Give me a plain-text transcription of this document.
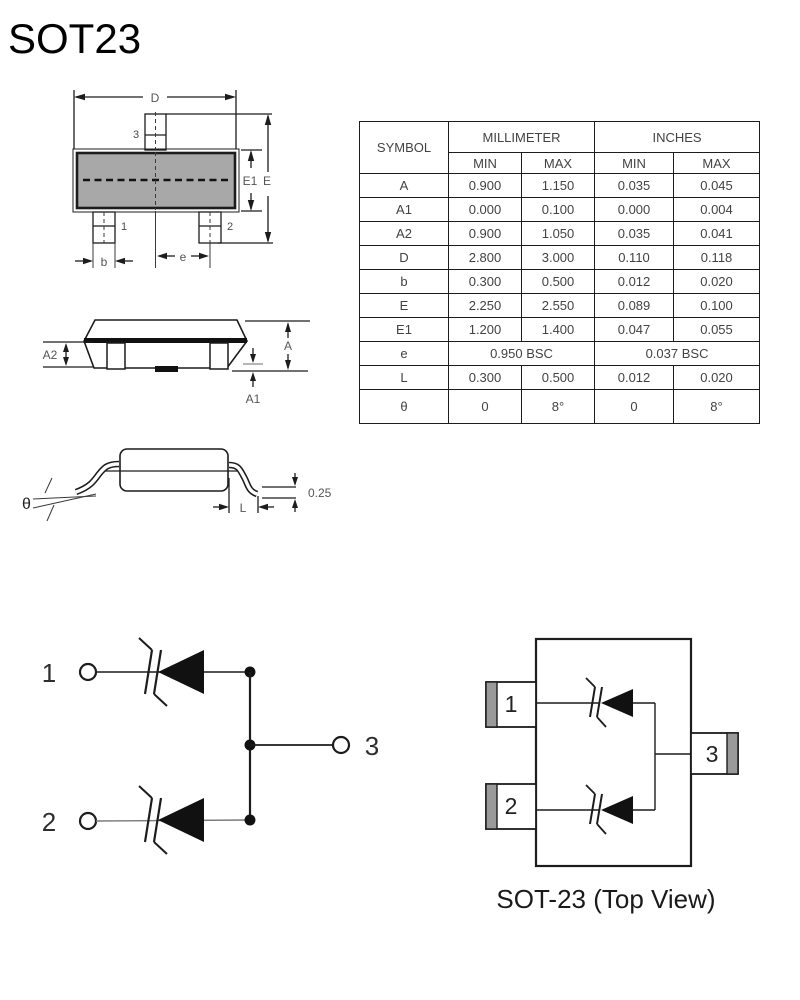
SOT23
D
3
1	2
E1 E
b	e
SYMBOL	MILLIMETER		INCHES	
	MIN	MAX	MIN	MAX
A	0.900	1.150	0.035	0.045
A1	0.000	0.100	0.000	0.004
A2	0.900	1.050	0.035	0.041
D	2.800	3.000	0.110	0.118
b	0.300	0.500	0.012	0.020
E	2.250	2.550	0.089	0.100
E1	1.200	1.400	0.047	0.055
e	0.950 BSC		0.037 BSC	
L	0.300	0.500	0.012	0.020
θ	0	8°	0	8°
A2
A
A1
θ	L
0.25
1
3
2
1
2
3
SOT-23 (Top View)
